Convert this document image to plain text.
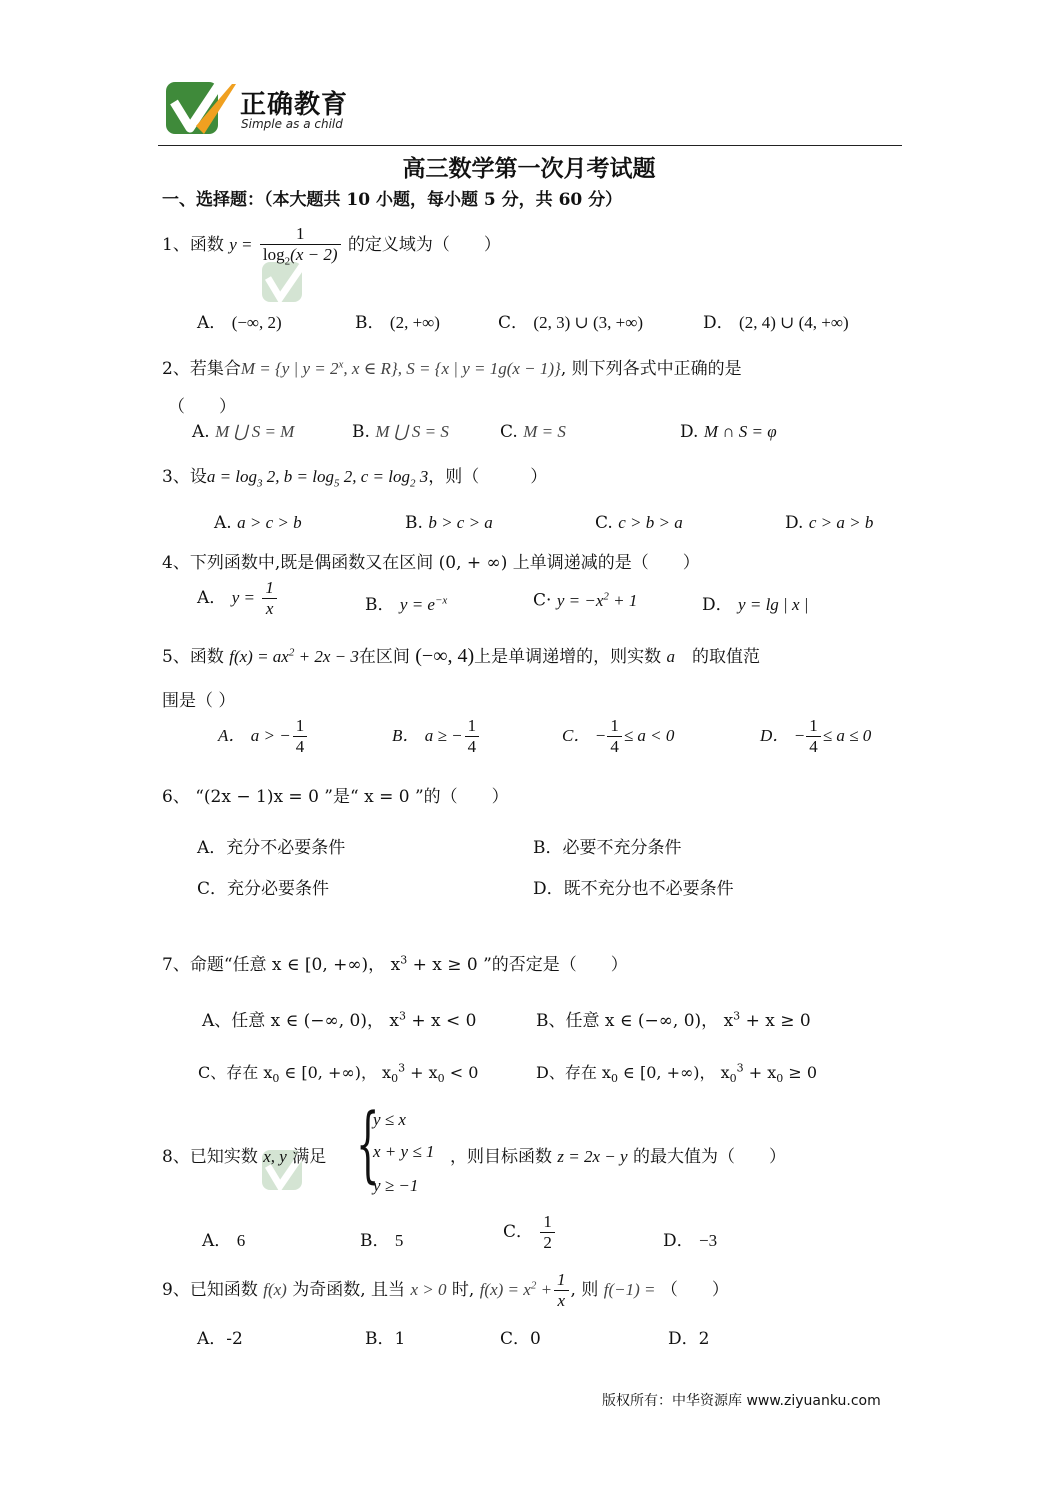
正确教育
Simple as a child
高三数学第一次月考试题
一、选择题：（本大题共 10 小题，每小题 5 分，共 60 分）
1、函数 $y = \frac{1}{\log_2(x - 2)}$ 的定义域为（　　）
A． (−∞, 2)	B． (2, +∞)	C． (2, 3) ∪ (3, +∞)	D． (2, 4) ∪ (4, +∞)
2、若集合M = {y | $y = 2^x$, x ∈ R}, S = {x | y = 1g(x − 1)}, 则下列各式中正确的是
（　　）
A. M ⋃ S = M	B. M ⋃ S = S	C. M = S	D. M ∩ S = φ
3、设$a = \log_3 2$, $b = \log_5 2$, $c = \log_2 3$，则（　　　）
A. a > c > b	B. b > c > a	C. c > b > a	D. c > a > b
4、下列函数中,既是偶函数又在区间 (0, + ∞) 上单调递减的是（　　）
A． $y = \frac{1}{x}$	B． $y = e^{-x}$	$C\cdot y = -x^2 + 1$	D． y = lg | x |
5、函数 $f(x) = ax^2 + 2x - 3$在区间 (−∞, 4)上是单调递增的，则实数 a　 的取值范
围是（ ）
A． a > − $\frac{1}{4}$	B． a ≥ − $\frac{1}{4}$	C． − $\frac{1}{4} \le a < 0$	D． − $\frac{1}{4} \le a \le 0$
6、 “(2x − 1)x = 0 ”是“ x = 0 ”的（　　）
A．充分不必要条件	B．必要不充分条件
C．充分必要条件	D．既不充分也不必要条件
7、命题“任意 x ∈ [0, +∞)， $x^3 + x \ge 0$ ”的否定是（　　）
A、任意 x ∈ (−∞, 0)， $x^3 + x < 0$	B、任意 x ∈ (−∞, 0)， $x^3 + x \ge 0$
C、存在 $x_0$ ∈ [0, +∞)， $x_0^3 + x_0 < 0$	D、存在 $x_0$ ∈ [0, +∞)， $x_0^3 + x_0 \ge 0$
8、已知实数 x, y 满足 {
y ≤ x
x + y ≤ 1
y ≥ −1
，则目标函数 z = 2x − y 的最大值为（　　）
A． 6	B． 5	C． $\frac{1}{2}$	D． −3
9、已知函数 f(x) 为奇函数, 且当 x > 0 时, $f(x) = x^2 + \frac{1}{x}$ , 则 f(−1) = （　　）
A．-2	B．1	C．0	D．2
版权所有：中华资源库 www.ziyuanku.com
